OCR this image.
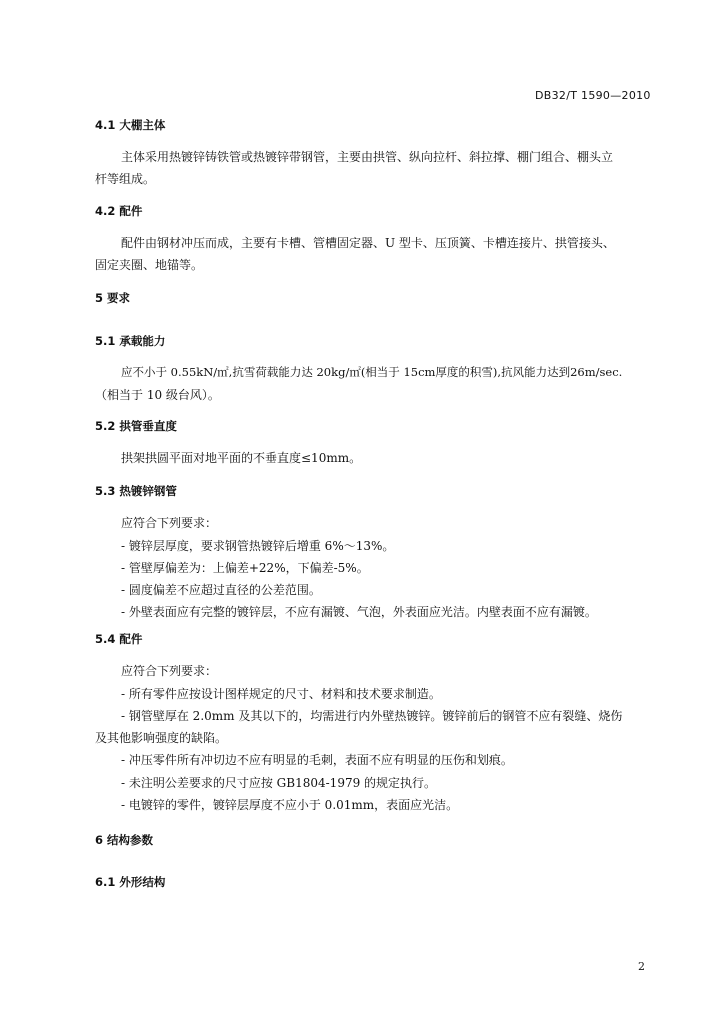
DB32/T 1590—2010
4.1 大棚主体
主体采用热镀锌铸铁管或热镀锌带钢管，主要由拱管、纵向拉杆、斜拉撑、棚门组合、棚头立
杆等组成。
4.2 配件
配件由钢材冲压而成，主要有卡槽、管槽固定器、U 型卡、压顶簧、卡槽连接片、拱管接头、
固定夹圈、地锚等。
5 要求
5.1 承载能力
应不小于 0.55kN/㎡,抗雪荷载能力达 20kg/㎡(相当于 15cm厚度的积雪),抗风能力达到26m/sec.
（相当于 10 级台风）。
5.2 拱管垂直度
拱架拱圆平面对地平面的不垂直度≤10mm。
5.3 热镀锌钢管
应符合下列要求：
- 镀锌层厚度，要求钢管热镀锌后增重 6%～13%。
- 管壁厚偏差为：上偏差+22%，下偏差-5%。
- 圆度偏差不应超过直径的公差范围。
- 外壁表面应有完整的镀锌层，不应有漏镀、气泡，外表面应光洁。内壁表面不应有漏镀。
5.4 配件
应符合下列要求：
- 所有零件应按设计图样规定的尺寸、材料和技术要求制造。
- 钢管壁厚在 2.0mm 及其以下的，均需进行内外壁热镀锌。镀锌前后的钢管不应有裂缝、烧伤
及其他影响强度的缺陷。
- 冲压零件所有冲切边不应有明显的毛刺，表面不应有明显的压伤和划痕。
- 未注明公差要求的尺寸应按 GB1804-1979 的规定执行。
- 电镀锌的零件，镀锌层厚度不应小于 0.01mm，表面应光洁。
6 结构参数
6.1 外形结构
2
